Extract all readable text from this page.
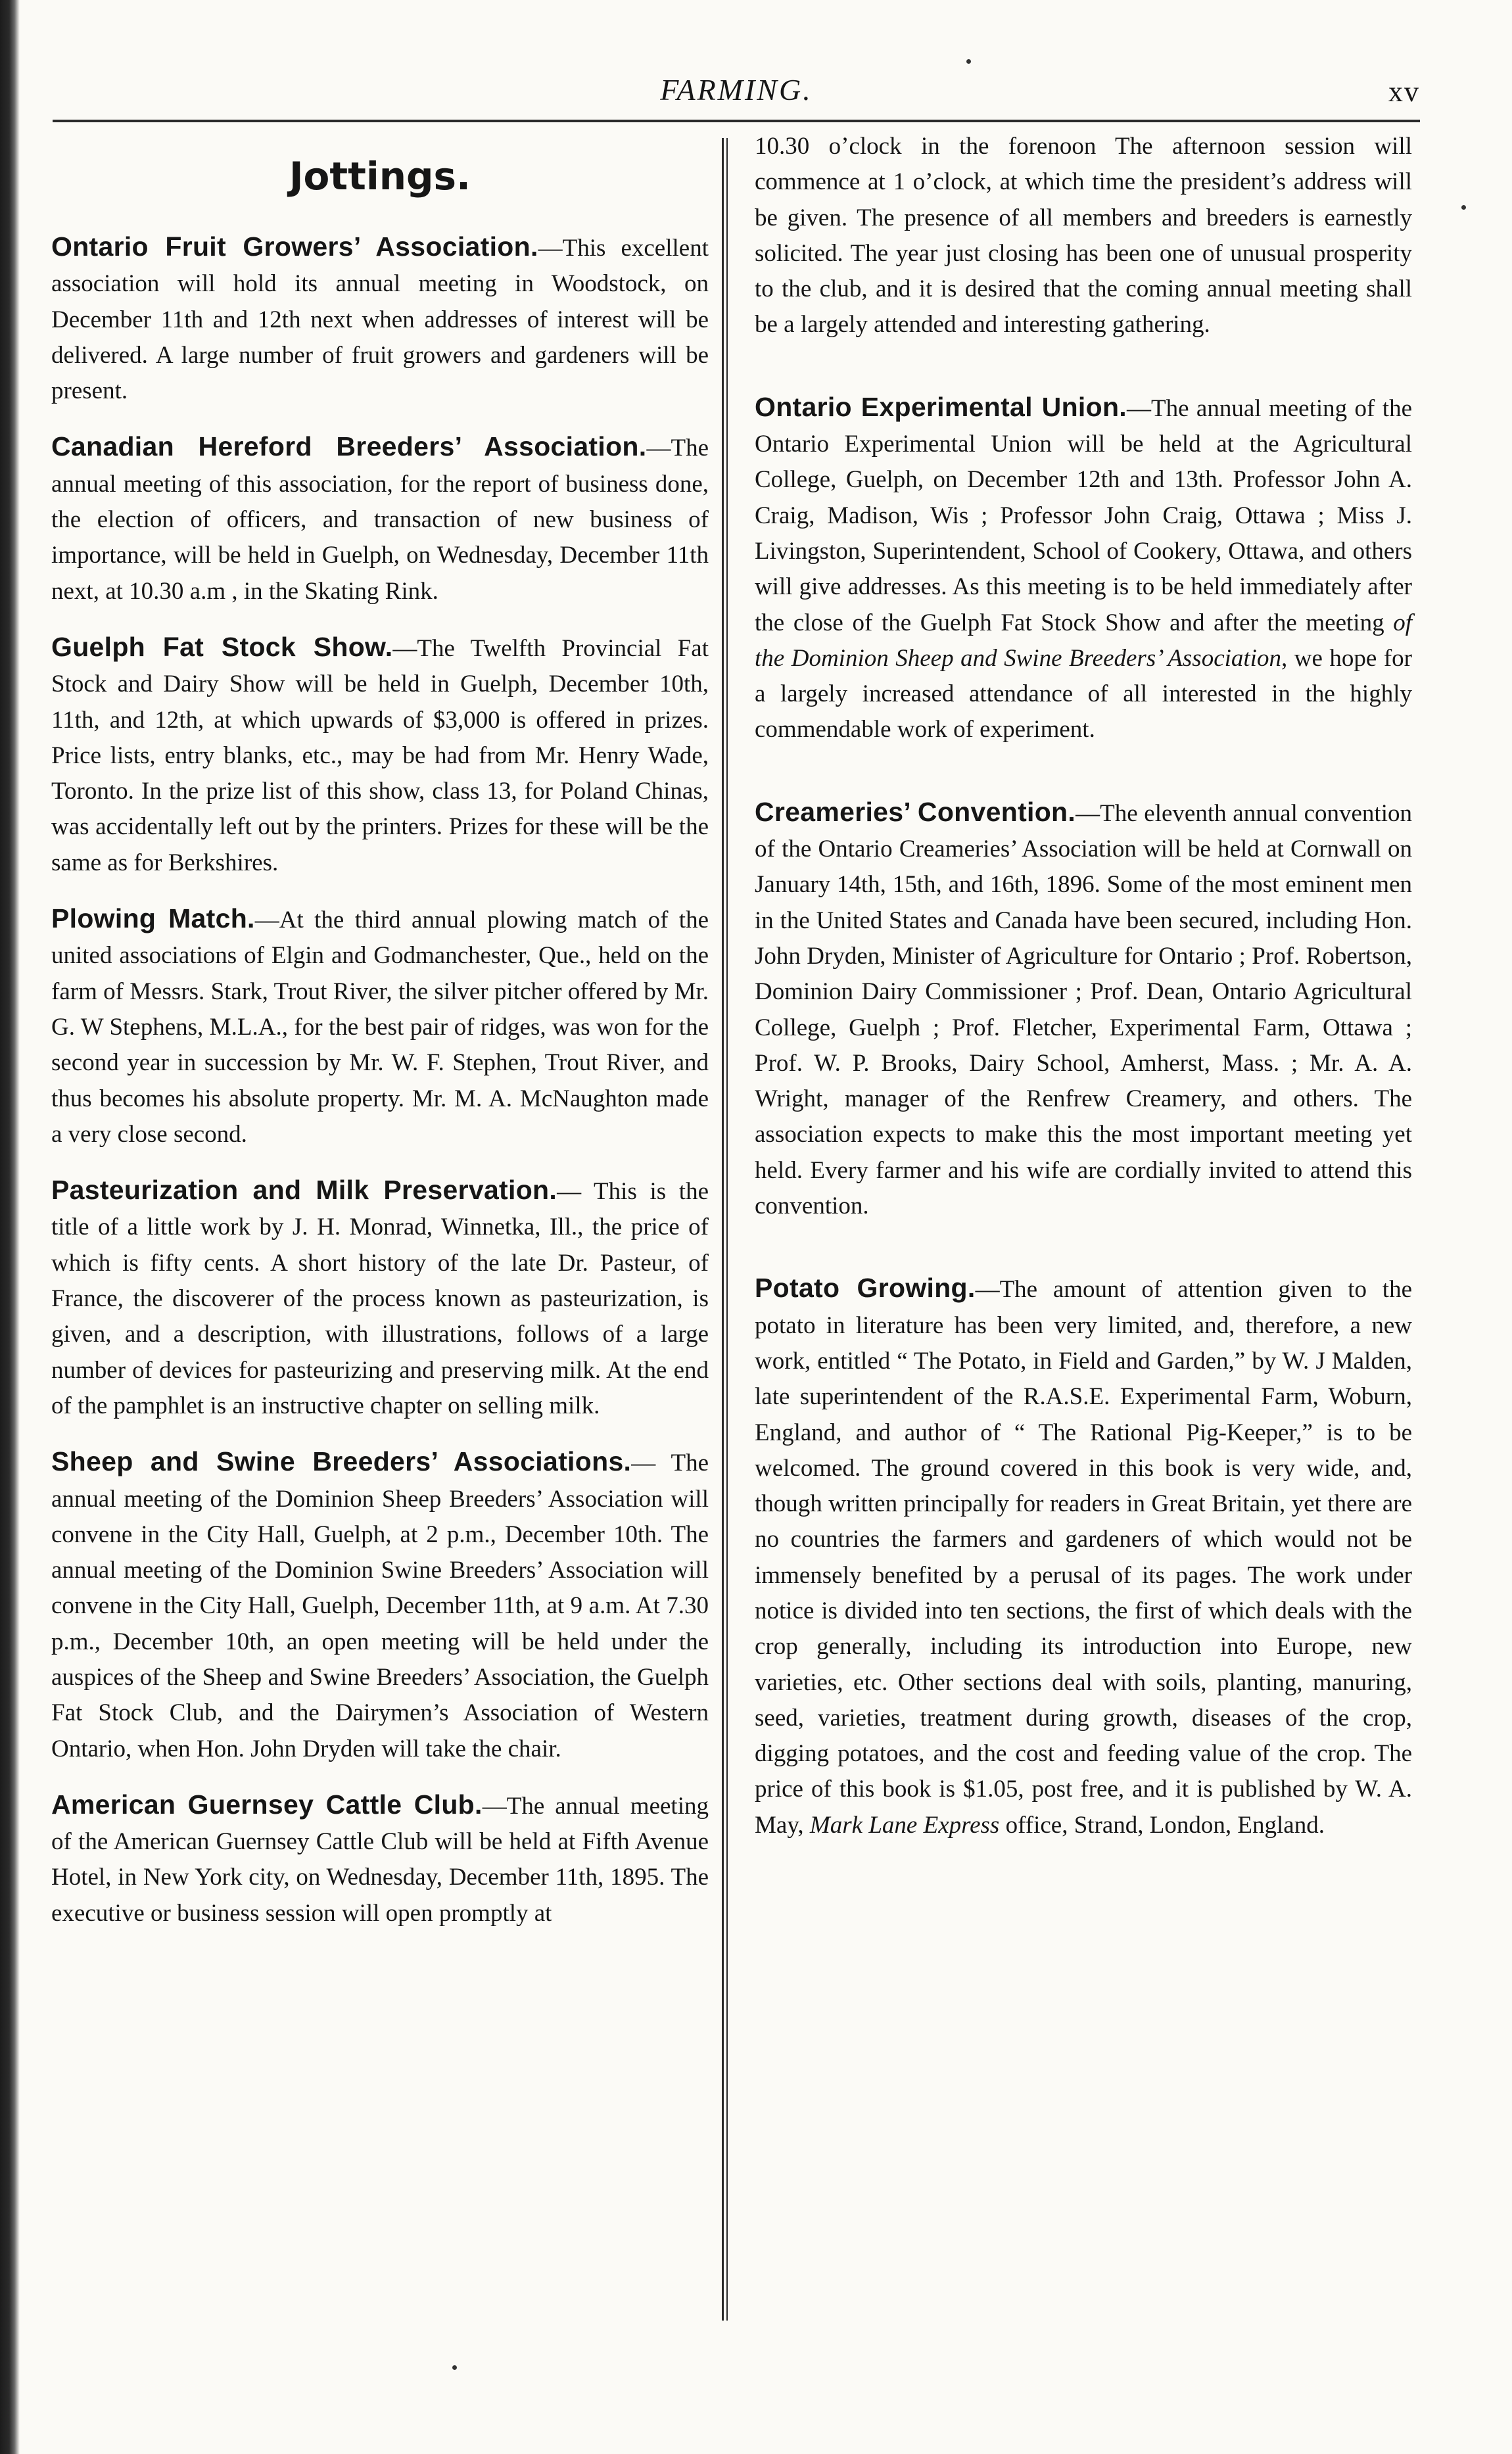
FARMING.	xv
Jottings.

Ontario Fruit Growers’ Association.—This excellent association will hold its annual meeting in Woodstock, on December 11th and 12th next when addresses of interest will be delivered. A large number of fruit growers and gardeners will be present.

Canadian Hereford Breeders’ Association.—The annual meeting of this association, for the report of business done, the election of officers, and transaction of new business of importance, will be held in Guelph, on Wednesday, December 11th next, at 10.30 a.m , in the Skating Rink.

Guelph Fat Stock Show.—The Twelfth Provincial Fat Stock and Dairy Show will be held in Guelph, December 10th, 11th, and 12th, at which upwards of $3,000 is offered in prizes. Price lists, entry blanks, etc., may be had from Mr. Henry Wade, Toronto. In the prize list of this show, class 13, for Poland Chinas, was accidentally left out by the printers. Prizes for these will be the same as for Berkshires.

Plowing Match.—At the third annual plowing match of the united associations of Elgin and Godmanchester, Que., held on the farm of Messrs. Stark, Trout River, the silver pitcher offered by Mr. G. W Stephens, M.L.A., for the best pair of ridges, was won for the second year in succession by Mr. W. F. Stephen, Trout River, and thus becomes his absolute property. Mr. M. A. McNaughton made a very close second.

Pasteurization and Milk Preservation.— This is the title of a little work by J. H. Monrad, Winnetka, Ill., the price of which is fifty cents. A short history of the late Dr. Pasteur, of France, the discoverer of the process known as pasteurization, is given, and a description, with illustrations, follows of a large number of devices for pasteurizing and preserving milk. At the end of the pamphlet is an instructive chapter on selling milk.

Sheep and Swine Breeders’ Associations.— The annual meeting of the Dominion Sheep Breeders’ Association will convene in the City Hall, Guelph, at 2 p.m., December 10th. The annual meeting of the Dominion Swine Breeders’ Association will convene in the City Hall, Guelph, December 11th, at 9 a.m. At 7.30 p.m., December 10th, an open meeting will be held under the auspices of the Sheep and Swine Breeders’ Association, the Guelph Fat Stock Club, and the Dairymen’s Association of Western Ontario, when Hon. John Dryden will take the chair.

American Guernsey Cattle Club.—The annual meeting of the American Guernsey Cattle Club will be held at Fifth Avenue Hotel, in New York city, on Wednesday, December 11th, 1895. The executive or business session will open promptly at

10.30 o’clock in the forenoon The afternoon session will commence at 1 o’clock, at which time the president’s address will be given. The presence of all members and breeders is earnestly solicited. The year just closing has been one of unusual prosperity to the club, and it is desired that the coming annual meeting shall be a largely attended and interesting gathering.

Ontario Experimental Union.—The annual meeting of the Ontario Experimental Union will be held at the Agricultural College, Guelph, on December 12th and 13th. Professor John A. Craig, Madison, Wis ; Professor John Craig, Ottawa ; Miss J. Livingston, Superintendent, School of Cookery, Ottawa, and others will give addresses. As this meeting is to be held immediately after the close of the Guelph Fat Stock Show and after the meeting of the Dominion Sheep and Swine Breeders’ Association, we hope for a largely increased attendance of all interested in the highly commendable work of experiment.

Creameries’ Convention.—The eleventh annual convention of the Ontario Creameries’ Association will be held at Cornwall on January 14th, 15th, and 16th, 1896. Some of the most eminent men in the United States and Canada have been secured, including Hon. John Dryden, Minister of Agriculture for Ontario ; Prof. Robertson, Dominion Dairy Commissioner ; Prof. Dean, Ontario Agricultural College, Guelph ; Prof. Fletcher, Experimental Farm, Ottawa ; Prof. W. P. Brooks, Dairy School, Amherst, Mass. ; Mr. A. A. Wright, manager of the Renfrew Creamery, and others. The association expects to make this the most important meeting yet held. Every farmer and his wife are cordially invited to attend this convention.

Potato Growing.—The amount of attention given to the potato in literature has been very limited, and, therefore, a new work, entitled “ The Potato, in Field and Garden,” by W. J Malden, late superintendent of the R.A.S.E. Experimental Farm, Woburn, England, and author of “ The Rational Pig-Keeper,” is to be welcomed. The ground covered in this book is very wide, and, though written principally for readers in Great Britain, yet there are no countries the farmers and gardeners of which would not be immensely benefited by a perusal of its pages. The work under notice is divided into ten sections, the first of which deals with the crop generally, including its introduction into Europe, new varieties, etc. Other sections deal with soils, planting, manuring, seed, varieties, treatment during growth, diseases of the crop, digging potatoes, and the cost and feeding value of the crop. The price of this book is $1.05, post free, and it is published by W. A. May, Mark Lane Express office, Strand, London, England.
